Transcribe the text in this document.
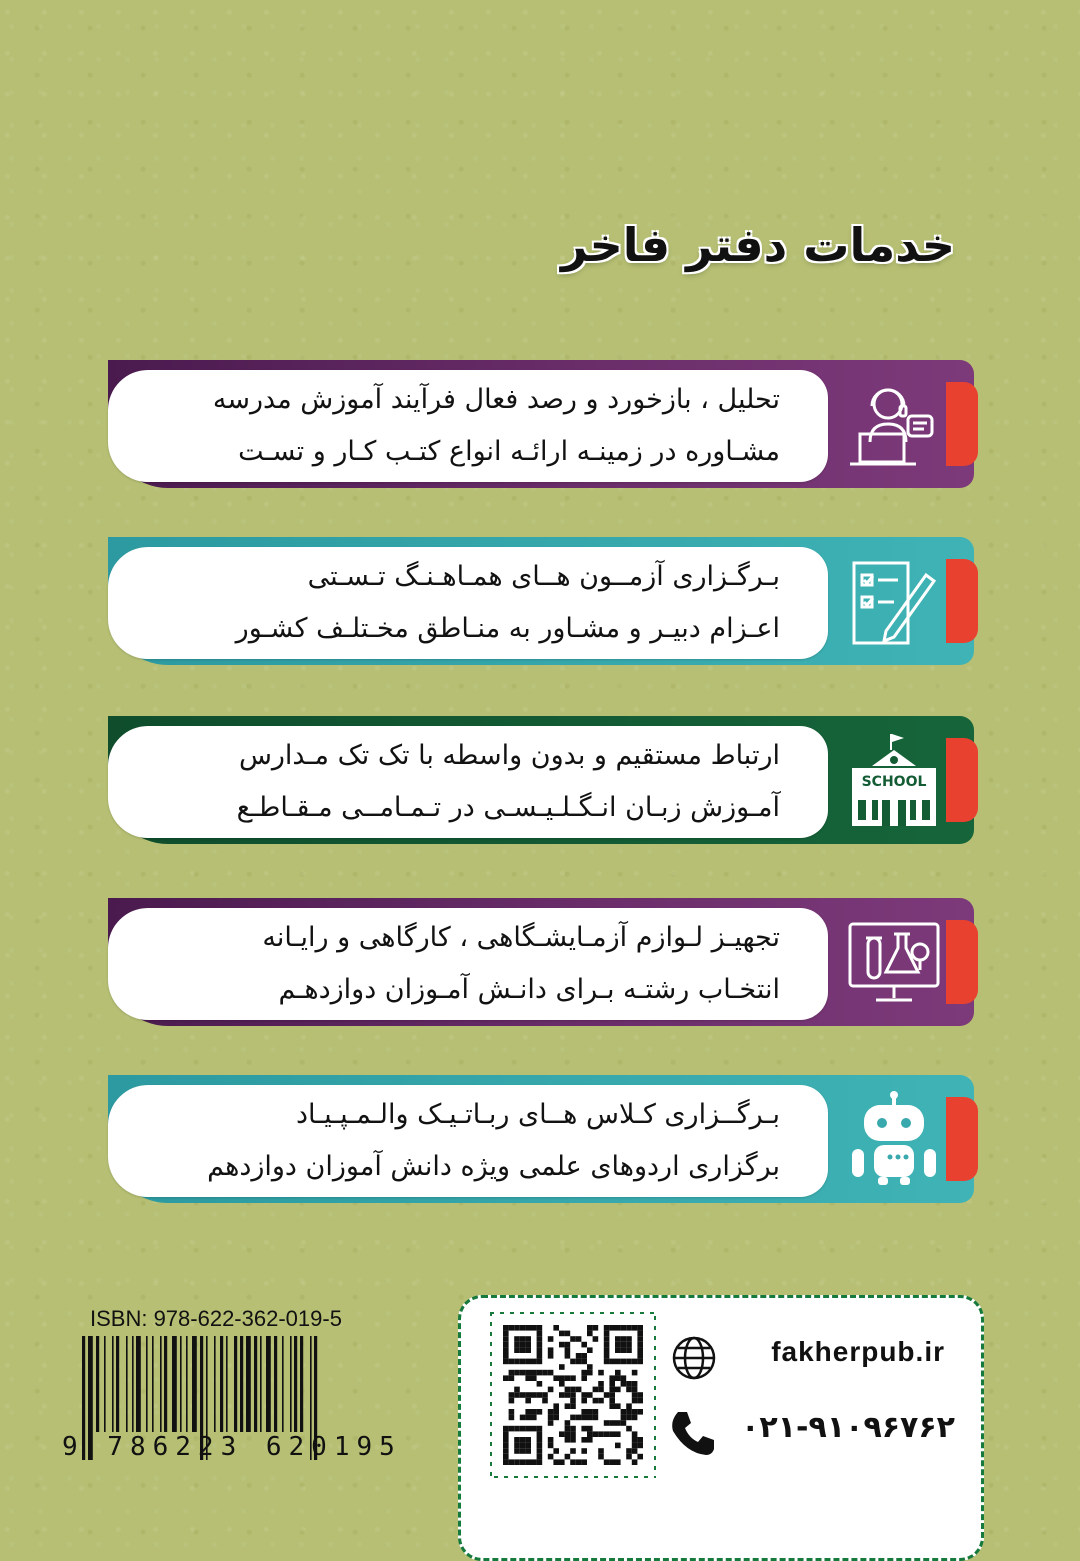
خدمات دفتر فاخر
تحلیل ، بازخورد و رصد فعال فرآیند آموزش مدرسه
مشـاوره در زمینـه ارائـه انواع کتـب کـار و تسـت
بـرگـزاری آزمــون هــای همـاهـنـگ تـسـتی
اعـزام دبیـر و مشـاور به منـاطق مخـتلـف کشـور
ارتباط مستقیم و بدون واسطه با تک تک مـدارس
آمـوزش زبـان انـگـلـیـسـی در تـمـامــی مـقـاطـع
SCHOOL
تجهیـز لـوازم آزمـایشـگاهی ، کارگاهی و رایـانه
انتخـاب رشتـه بـرای دانـش آمـوزان دوازدهـم
بـرگــزاری کـلاس هــای ربـاتـیـک والـمـپـیـاد
برگزاری اردوهای علمی ویژه دانش آموزان دوازدهم
ISBN: 978-622-362-019-5
9 786223 620195
fakherpub.ir
۰۲۱-۹۱۰۹۶۷۶۲
